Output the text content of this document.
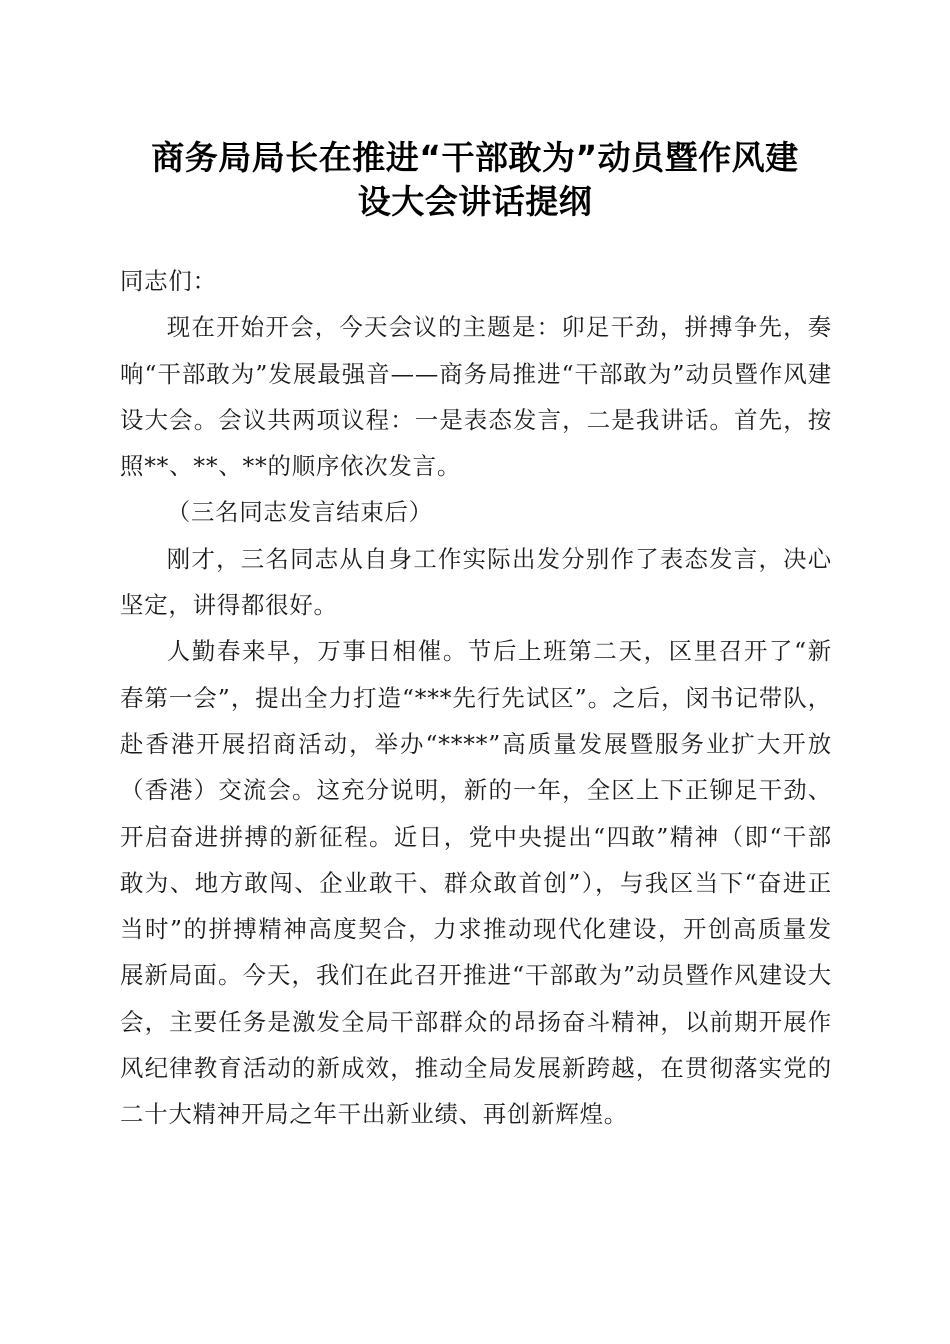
商务局局长在推进“干部敢为”动员暨作风建
设大会讲话提纲

同志们：

现在开始开会，今天会议的主题是：卯足干劲，拼搏争先，奏响“干部敢为”发展最强音——商务局推进“干部敢为”动员暨作风建设大会。会议共两项议程：一是表态发言，二是我讲话。首先，按照**、**、**的顺序依次发言。

（三名同志发言结束后）

刚才，三名同志从自身工作实际出发分别作了表态发言，决心坚定，讲得都很好。

人勤春来早，万事日相催。节后上班第二天，区里召开了“新春第一会”，提出全力打造“***先行先试区”。之后，闵书记带队，赴香港开展招商活动，举办“****”高质量发展暨服务业扩大开放（香港）交流会。这充分说明，新的一年，全区上下正铆足干劲、开启奋进拼搏的新征程。近日，党中央提出“四敢”精神（即“干部敢为、地方敢闯、企业敢干、群众敢首创”），与我区当下“奋进正当时”的拼搏精神高度契合，力求推动现代化建设，开创高质量发展新局面。今天，我们在此召开推进“干部敢为”动员暨作风建设大会，主要任务是激发全局干部群众的昂扬奋斗精神，以前期开展作风纪律教育活动的新成效，推动全局发展新跨越，在贯彻落实党的二十大精神开局之年干出新业绩、再创新辉煌。
